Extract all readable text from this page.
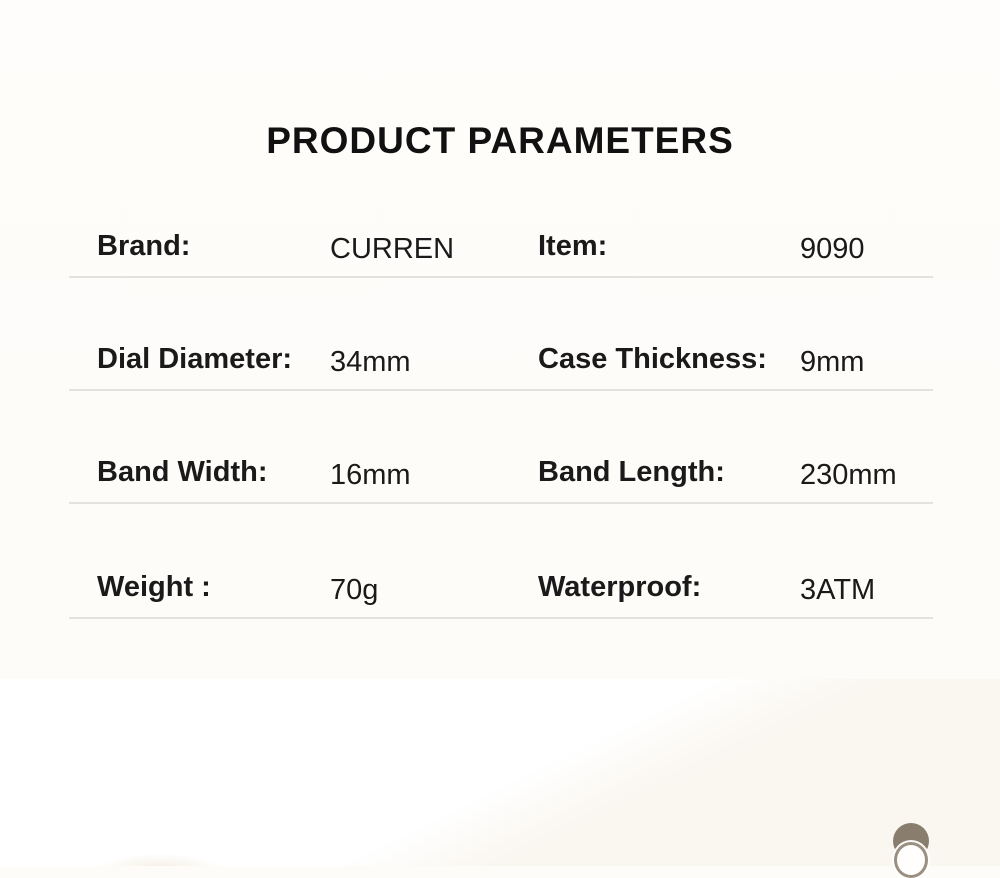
PRODUCT PARAMETERS
Brand:	CURREN	Item:	9090
Dial Diameter: 34mm	Case Thickness: 9mm
Band Width: 16mm	Band Length:	230mm
Weight :	70g	Waterproof:	3ATM
